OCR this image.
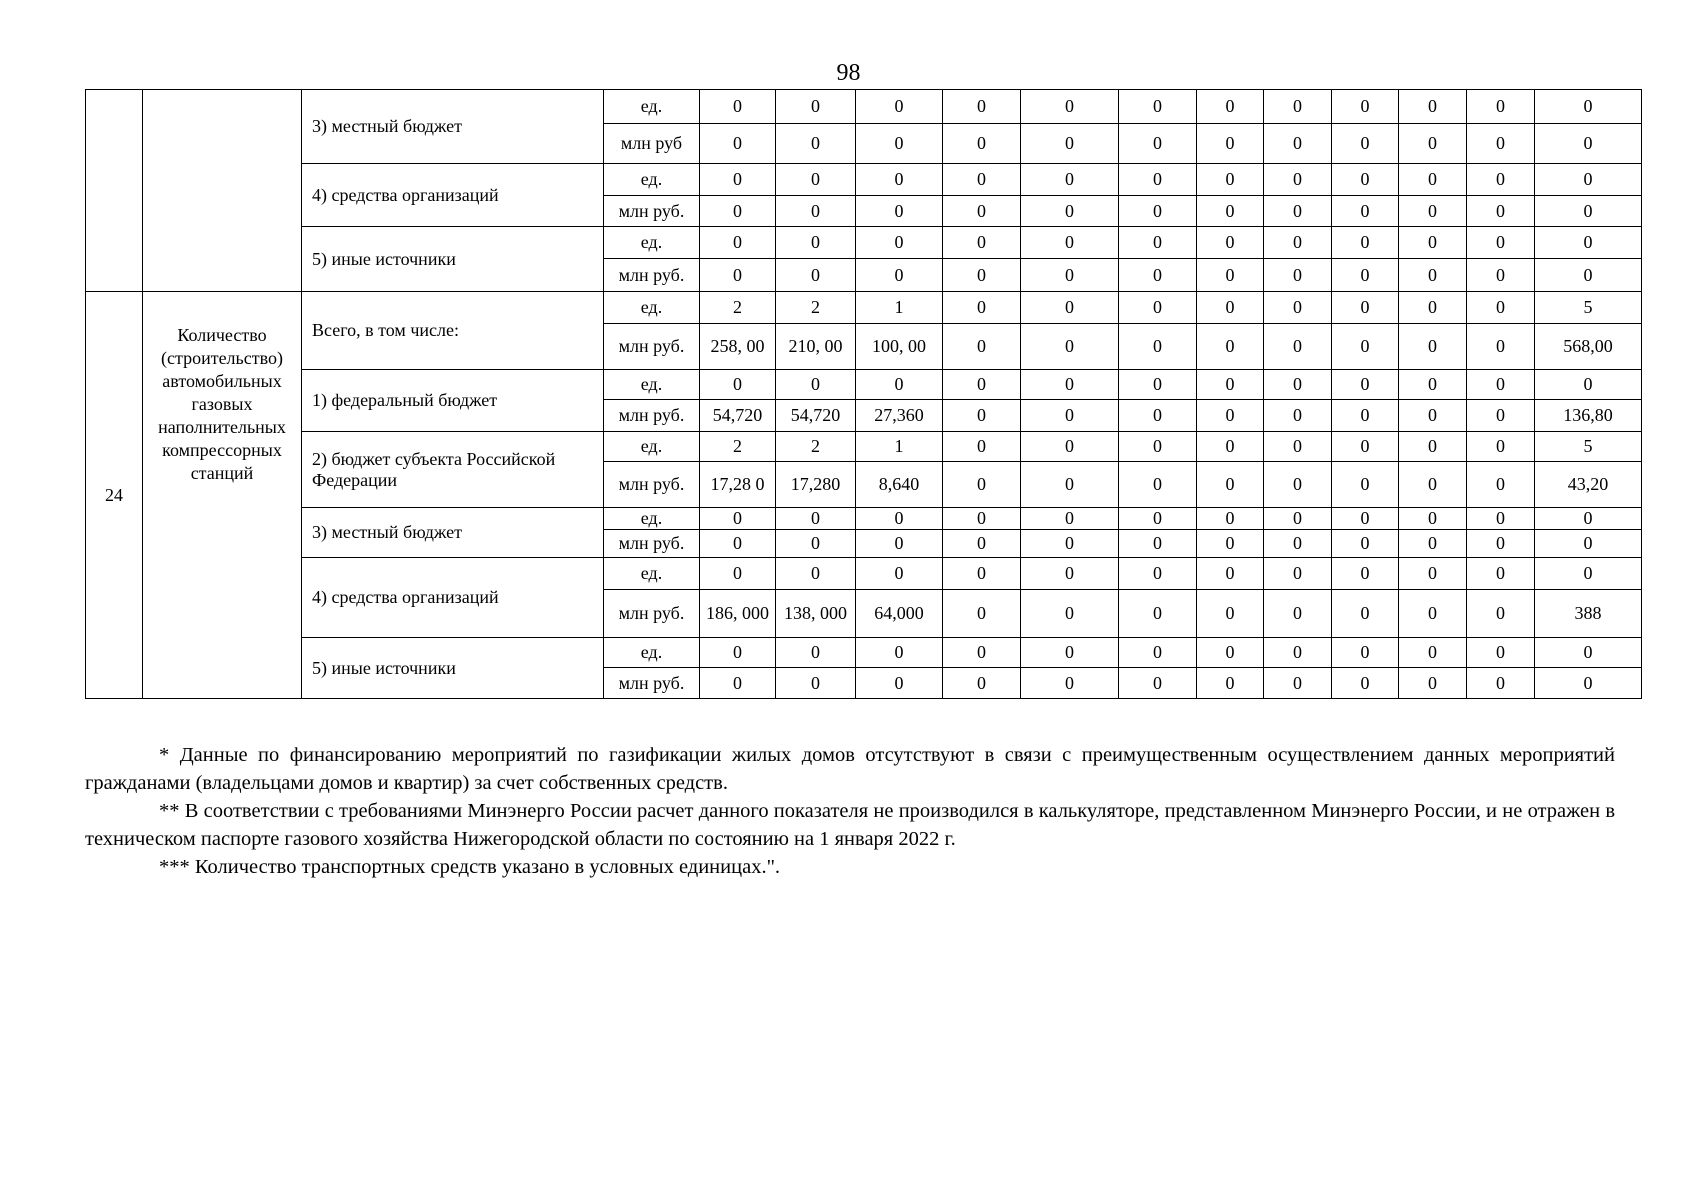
98
		3) местный бюджет	ед.	0	0	0	0	0	0	0	0	0	0	0	0
			млн руб	0	0	0	0	0	0	0	0	0	0	0	0
		4) средства организаций	ед.	0	0	0	0	0	0	0	0	0	0	0	0
			млн руб.	0	0	0	0	0	0	0	0	0	0	0	0
		5) иные источники	ед.	0	0	0	0	0	0	0	0	0	0	0	0
			млн руб.	0	0	0	0	0	0	0	0	0	0	0	0
24	Количество (строительство) автомобильных газовых наполнительных компрессорных станций	Всего, в том числе:	ед.	2	2	1	0	0	0	0	0	0	0	0	5
			млн руб.	258, 00	210, 00	100, 00	0	0	0	0	0	0	0	0	568,00
		1) федеральный бюджет	ед.	0	0	0	0	0	0	0	0	0	0	0	0
			млн руб.	54,720	54,720	27,360	0	0	0	0	0	0	0	0	136,80
		2) бюджет субъекта Российской Федерации	ед.	2	2	1	0	0	0	0	0	0	0	0	5
			млн руб.	17,28 0	17,280	8,640	0	0	0	0	0	0	0	0	43,20
		3) местный бюджет	ед.	0	0	0	0	0	0	0	0	0	0	0	0
			млн руб.	0	0	0	0	0	0	0	0	0	0	0	0
		4) средства организаций	ед.	0	0	0	0	0	0	0	0	0	0	0	0
			млн руб.	186, 000	138, 000	64,000	0	0	0	0	0	0	0	0	388
		5) иные источники	ед.	0	0	0	0	0	0	0	0	0	0	0	0
			млн руб.	0	0	0	0	0	0	0	0	0	0	0	0

* Данные по финансированию мероприятий по газификации жилых домов отсутствуют в связи с преимущественным осуществлением данных мероприятий гражданами (владельцами домов и квартир) за счет собственных средств.

** В соответствии с требованиями Минэнерго России расчет данного показателя не производился в калькуляторе, представленном Минэнерго России, и не отражен в техническом паспорте газового хозяйства Нижегородской области по состоянию на 1 января 2022 г.

*** Количество транспортных средств указано в условных единицах.".
